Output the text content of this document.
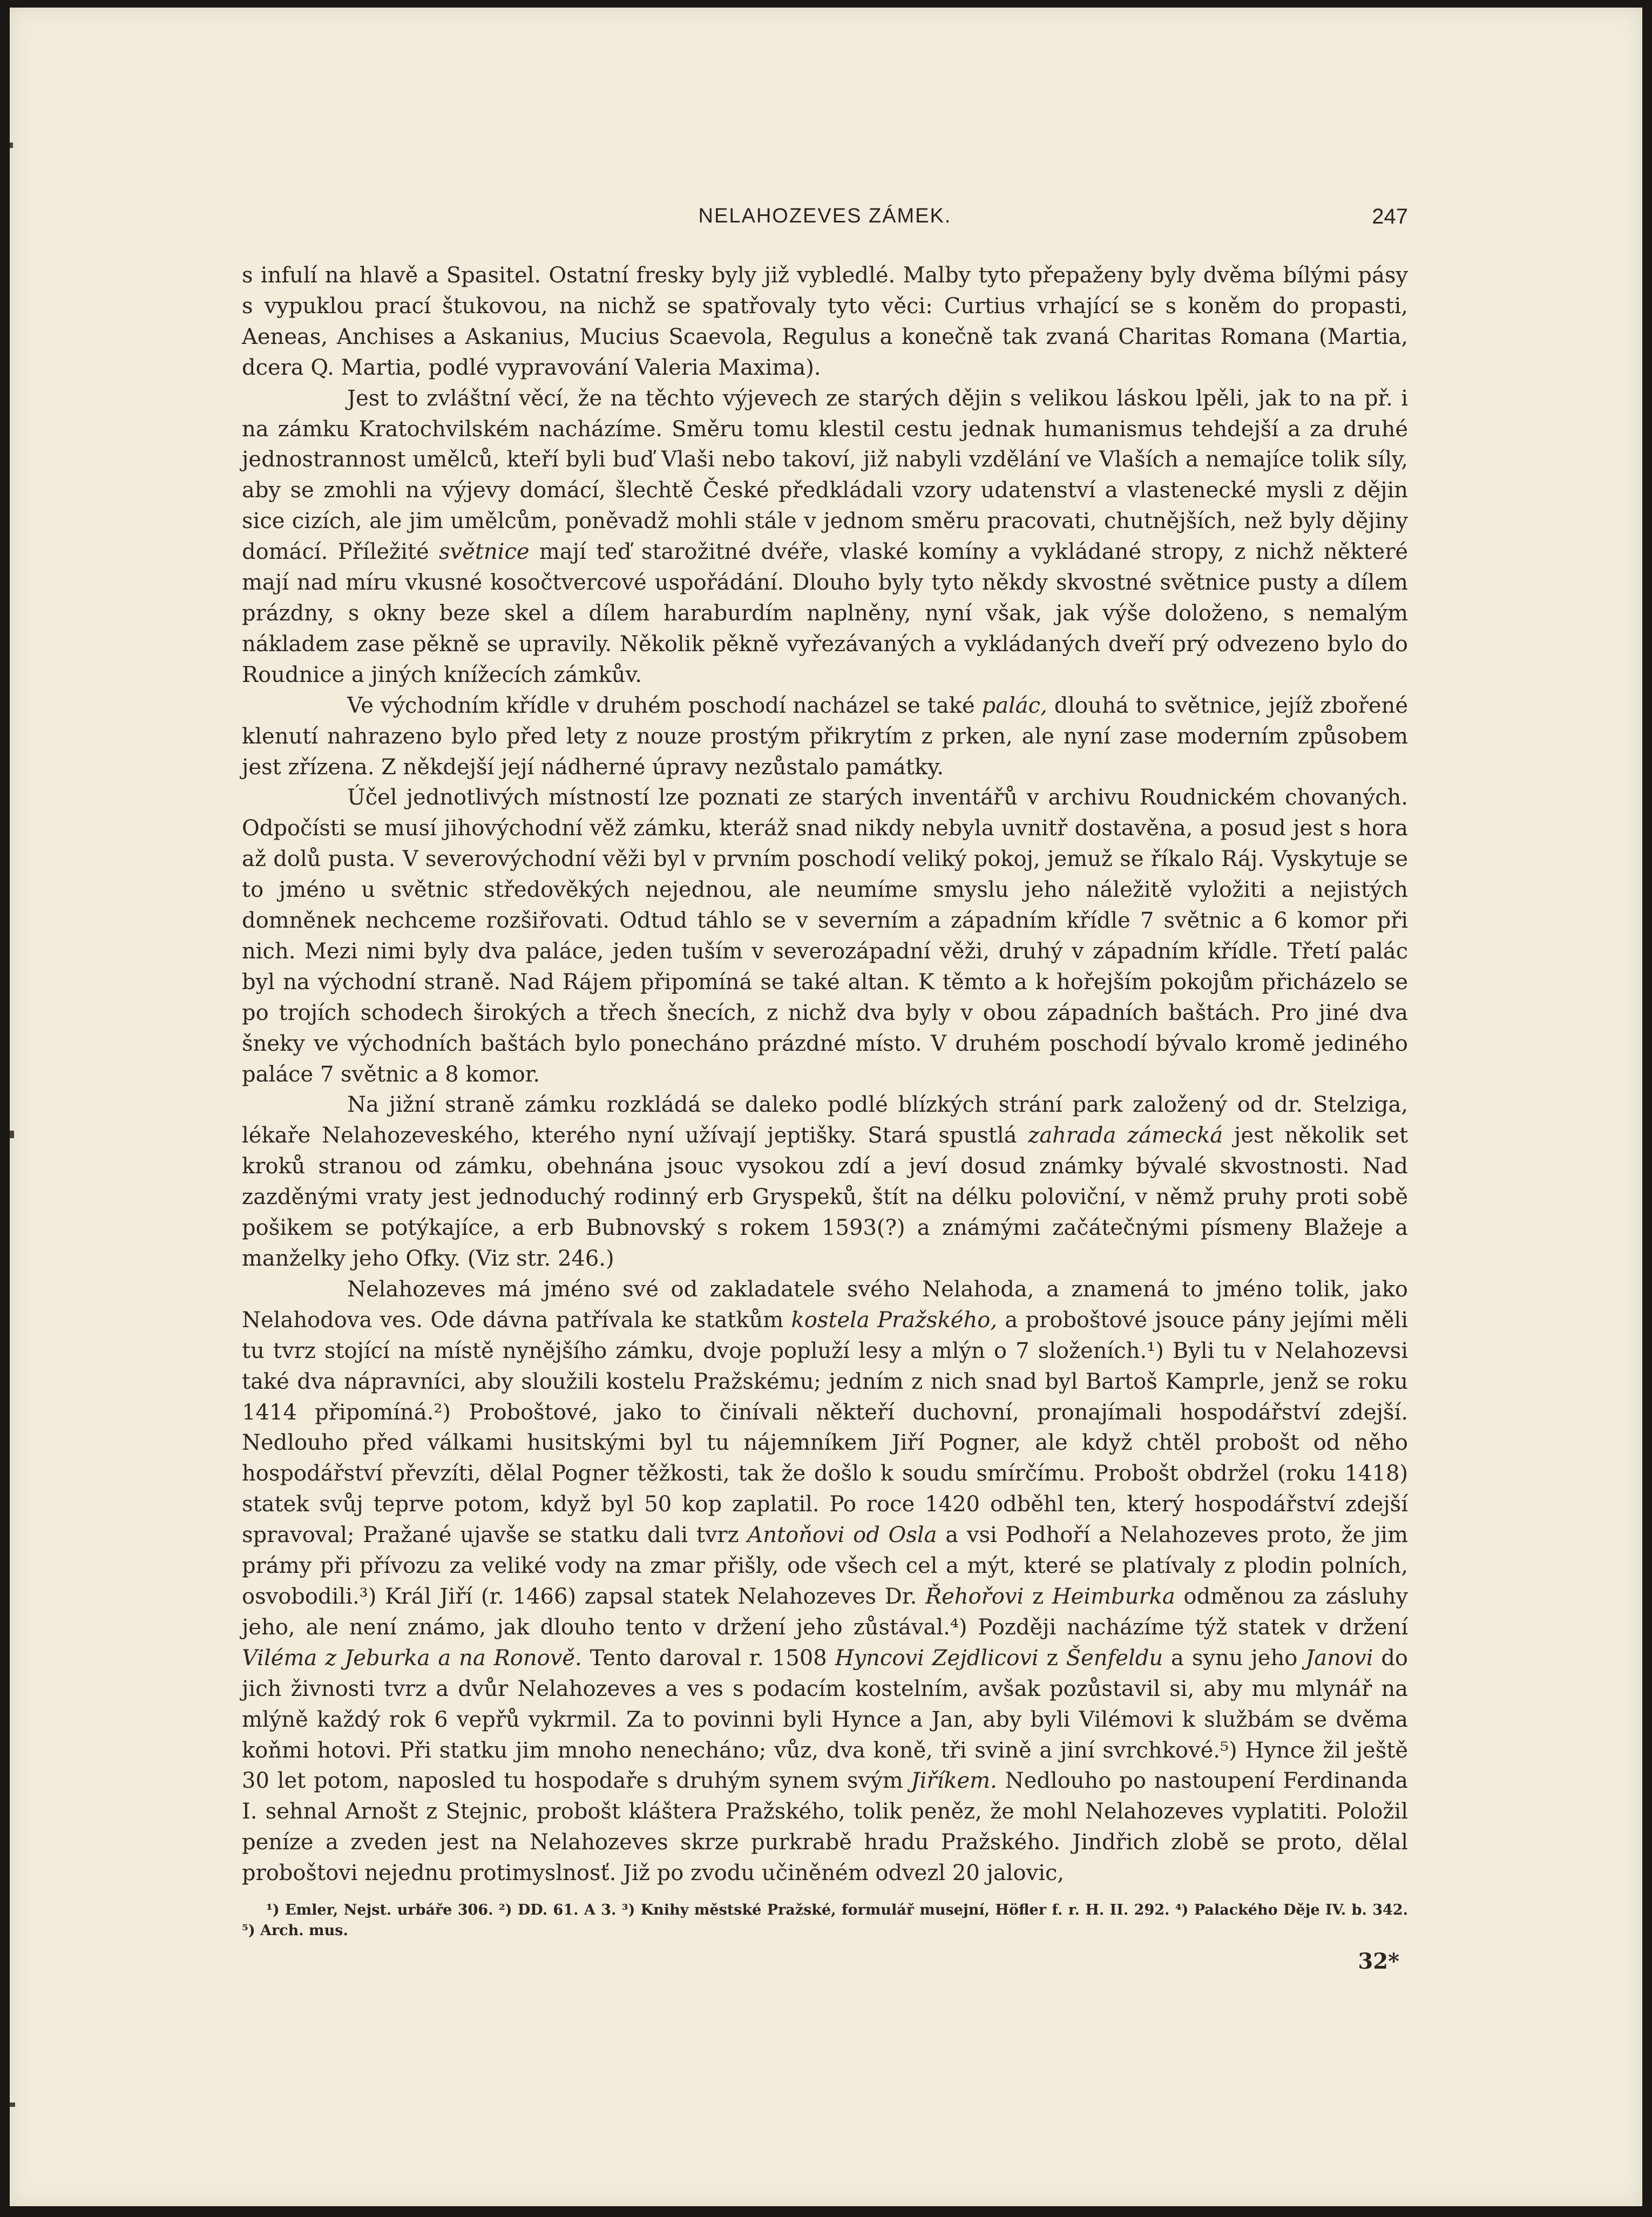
NELAHOZEVES ZÁMEK.	247

s infulí na hlavě a Spasitel. Ostatní fresky byly již vybledlé. Malby tyto přepaženy byly dvěma bílými pásy s vypuklou prací štukovou, na nichž se spatřovaly tyto věci: Curtius vrhající se s koněm do propasti, Aeneas, Anchises a Askanius, Mucius Scaevola, Regulus a konečně tak zvaná Charitas Romana (Martia, dcera Q. Martia, podlé vypravování Valeria Maxima).

Jest to zvláštní věcí, že na těchto výjevech ze starých dějin s velikou láskou lpěli, jak to na př. i na zámku Kratochvilském nacházíme. Směru tomu klestil cestu jednak humanismus tehdejší a za druhé jednostrannost umělců, kteří byli buď Vlaši nebo takoví, již nabyli vzdělání ve Vlaších a nemajíce tolik síly, aby se zmohli na výjevy domácí, šlechtě České předkládali vzory udatenství a vlastenecké mysli z dějin sice cizích, ale jim umělcům, poněvadž mohli stále v jednom směru pracovati, chutnějších, než byly dějiny domácí. Příležité světnice mají teď starožitné dvéře, vlaské komíny a vykládané stropy, z nichž některé mají nad míru vkusné kosočtvercové uspořádání. Dlouho byly tyto někdy skvostné světnice pusty a dílem prázdny, s okny beze skel a dílem haraburdím naplněny, nyní však, jak výše doloženo, s nemalým nákladem zase pěkně se upravily. Několik pěkně vyřezávaných a vykládaných dveří prý odvezeno bylo do Roudnice a jiných knížecích zámkův.

Ve východním křídle v druhém poschodí nacházel se také palác, dlouhá to světnice, jejíž zbořené klenutí nahrazeno bylo před lety z nouze prostým přikrytím z prken, ale nyní zase moderním způsobem jest zřízena. Z někdejší její nádherné úpravy nezůstalo památky.

Účel jednotlivých místností lze poznati ze starých inventářů v archivu Roudnickém chovaných. Odpočísti se musí jihovýchodní věž zámku, kteráž snad nikdy nebyla uvnitř dostavěna, a posud jest s hora až dolů pusta. V severovýchodní věži byl v prvním poschodí veliký pokoj, jemuž se říkalo Ráj. Vyskytuje se to jméno u světnic středověkých nejednou, ale neumíme smyslu jeho náležitě vyložiti a nejistých domněnek nechceme rozšiřovati. Odtud táhlo se v severním a západním křídle 7 světnic a 6 komor při nich. Mezi nimi byly dva paláce, jeden tuším v severozápadní věži, druhý v západním křídle. Třetí palác byl na východní straně. Nad Rájem připomíná se také altan. K těmto a k hořejším pokojům přicházelo se po trojích schodech širokých a třech šnecích, z nichž dva byly v obou západních baštách. Pro jiné dva šneky ve východních baštách bylo ponecháno prázdné místo. V druhém poschodí bývalo kromě jediného paláce 7 světnic a 8 komor.

Na jižní straně zámku rozkládá se daleko podlé blízkých strání park založený od dr. Stelziga, lékaře Nelahozeveského, kterého nyní užívají jeptišky. Stará spustlá zahrada zámecká jest několik set kroků stranou od zámku, obehnána jsouc vysokou zdí a jeví dosud známky bývalé skvostnosti. Nad zazděnými vraty jest jednoduchý rodinný erb Gryspeků, štít na délku poloviční, v němž pruhy proti sobě pošikem se potýkajíce, a erb Bubnovský s rokem 1593(?) a známými začátečnými písmeny Blažeje a manželky jeho Ofky. (Viz str. 246.)

Nelahozeves má jméno své od zakladatele svého Nelahoda, a znamená to jméno tolik, jako Nelahodova ves. Ode dávna patřívala ke statkům kostela Pražského, a proboštové jsouce pány jejími měli tu tvrz stojící na místě nynějšího zámku, dvoje popluží lesy a mlýn o 7 složeních.¹) Byli tu v Nelahozevsi také dva nápravníci, aby sloužili kostelu Pražskému; jedním z nich snad byl Bartoš Kamprle, jenž se roku 1414 připomíná.²) Proboštové, jako to činívali někteří duchovní, pronajímali hospodářství zdejší. Nedlouho před válkami husitskými byl tu nájemníkem Jiří Pogner, ale když chtěl probošt od něho hospodářství převzíti, dělal Pogner těžkosti, tak že došlo k soudu smírčímu. Probošt obdržel (roku 1418) statek svůj teprve potom, když byl 50 kop zaplatil. Po roce 1420 odběhl ten, který hospodářství zdejší spravoval; Pražané ujavše se statku dali tvrz Antoňovi od Osla a vsi Podhoří a Nelahozeves proto, že jim prámy při přívozu za veliké vody na zmar přišly, ode všech cel a mýt, které se platívaly z plodin polních, osvobodili.³) Král Jiří (r. 1466) zapsal statek Nelahozeves Dr. Řehořovi z Heimburka odměnou za zásluhy jeho, ale není známo, jak dlouho tento v držení jeho zůstával.⁴) Později nacházíme týž statek v držení Viléma z Jeburka a na Ronově. Tento daroval r. 1508 Hyncovi Zejdlicovi z Šenfeldu a synu jeho Janovi do jich živnosti tvrz a dvůr Nelahozeves a ves s podacím kostelním, avšak pozůstavil si, aby mu mlynář na mlýně každý rok 6 vepřů vykrmil. Za to povinni byli Hynce a Jan, aby byli Vilémovi k službám se dvěma koňmi hotovi. Při statku jim mnoho nenecháno; vůz, dva koně, tři svině a jiní svrchkové.⁵) Hynce žil ještě 30 let potom, naposled tu hospodaře s druhým synem svým Jiříkem. Nedlouho po nastoupení Ferdinanda I. sehnal Arnošt z Stejnic, probošt kláštera Pražského, tolik peněz, že mohl Nelahozeves vyplatiti. Položil peníze a zveden jest na Nelahozeves skrze purkrabě hradu Pražského. Jindřich zlobě se proto, dělal proboštovi nejednu protimyslnosť. Již po zvodu učiněném odvezl 20 jalovic,

¹) Emler, Nejst. urbáře 306. ²) DD. 61. A 3. ³) Knihy městské Pražské, formulář musejní, Höfler f. r. H. II. 292. ⁴) Palackého Děje IV. b. 342. ⁵) Arch. mus.

32*
